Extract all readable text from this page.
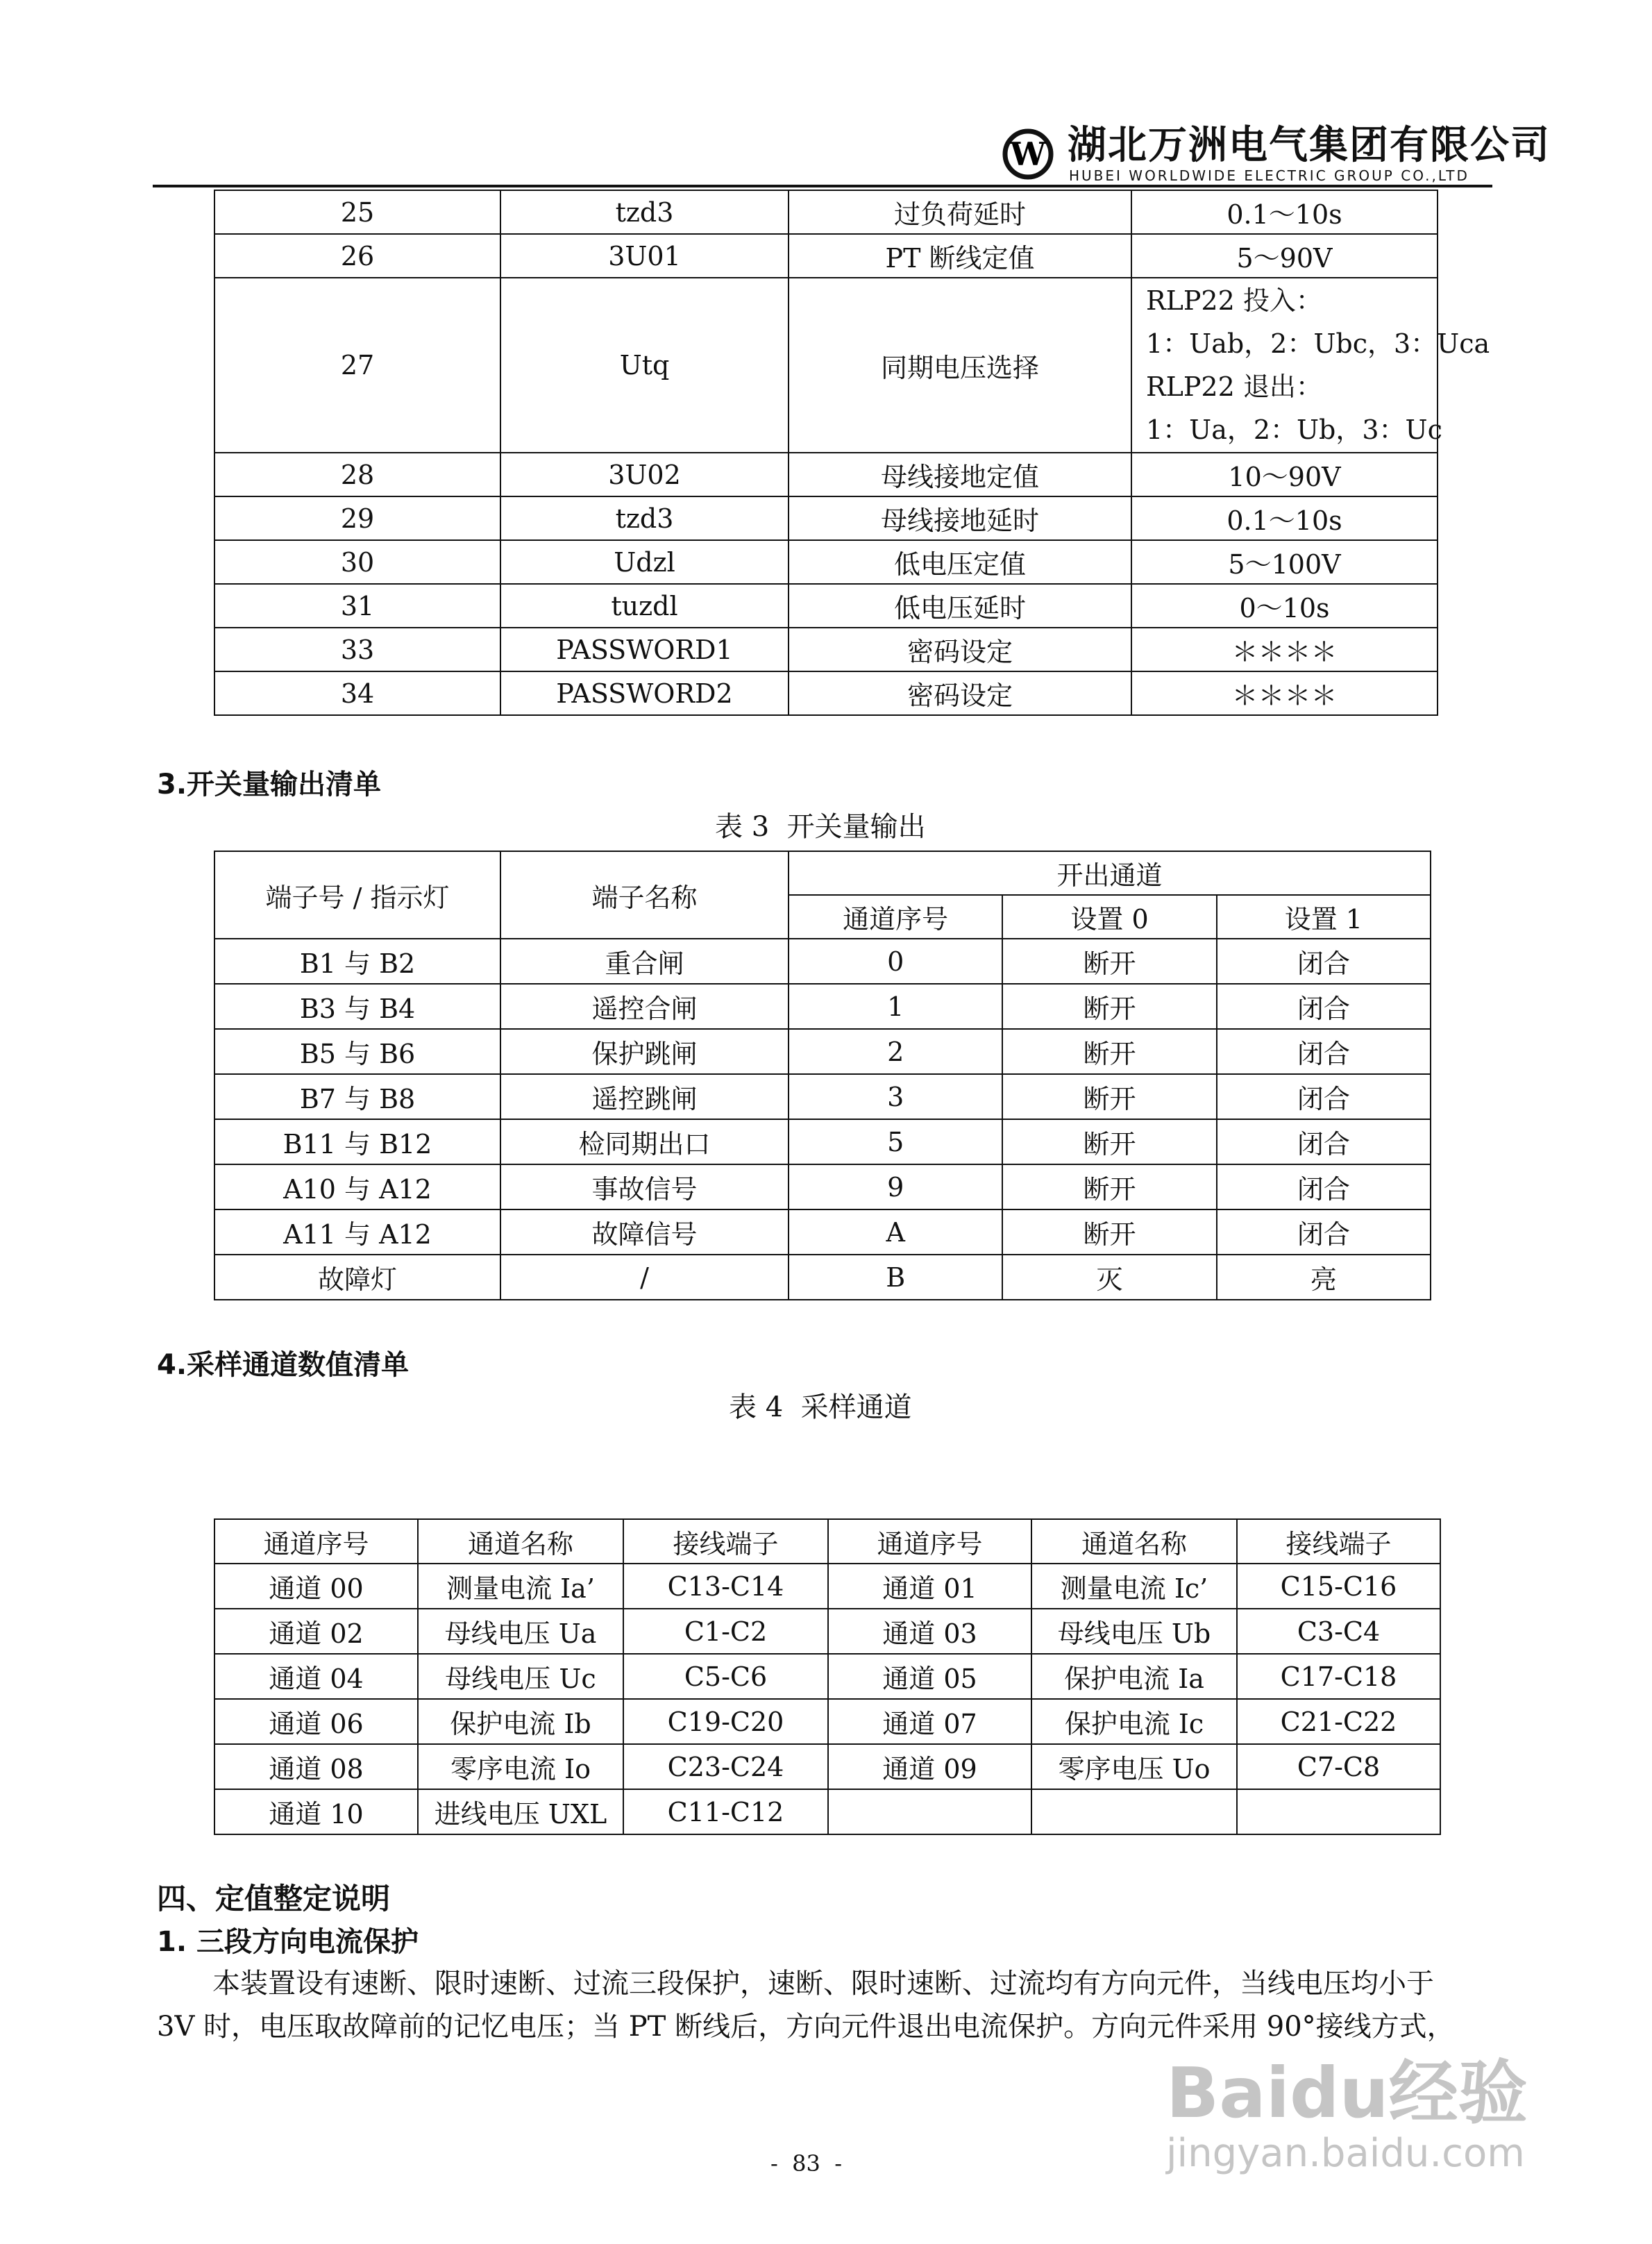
W 湖北万洲电气集团有限公司
HUBEI WORLDWIDE ELECTRIC GROUP CO.,LTD
25	tzd3	过负荷延时	0.1～10s
26	3U01	PT 断线定值	5～90V
27	Utq	同期电压选择	RLP22 投入：
1：Uab，2：Ubc，3：Uca
RLP22 退出：
1：Ua，2：Ub，3：Uc

28	3U02	母线接地定值	10～90V
29	tzd3	母线接地延时	0.1～10s
30	Udzl	低电压定值	5～100V
31	tuzdl	低电压延时	0～10s
33	PASSWORD1	密码设定	＊＊＊＊
34	PASSWORD2	密码设定	＊＊＊＊
3.开关量输出清单
表 3  开关量输出
端子号 / 指示灯	端子名称	开出通道		
		通道序号	设置 0	设置 1
B1 与 B2	重合闸	0	断开	闭合
B3 与 B4	遥控合闸	1	断开	闭合
B5 与 B6	保护跳闸	2	断开	闭合
B7 与 B8	遥控跳闸	3	断开	闭合
B11 与 B12	检同期出口	5	断开	闭合
A10 与 A12	事故信号	9	断开	闭合
A11 与 A12	故障信号	A	断开	闭合
故障灯	/	B	灭	亮
4.采样通道数值清单
表 4  采样通道
通道序号	通道名称	接线端子	通道序号	通道名称	接线端子
通道 00	测量电流 Ia’	C13-C14	通道 01	测量电流 Ic’	C15-C16
通道 02	母线电压 Ua	C1-C2	通道 03	母线电压 Ub	C3-C4
通道 04	母线电压 Uc	C5-C6	通道 05	保护电流 Ia	C17-C18
通道 06	保护电流 Ib	C19-C20	通道 07	保护电流 Ic	C21-C22
通道 08	零序电流 Io	C23-C24	通道 09	零序电压 Uo	C7-C8
通道 10	进线电压 UXL	C11-C12			
四、定值整定说明
1. 三段方向电流保护
本装置设有速断、限时速断、过流三段保护，速断、限时速断、过流均有方向元件，当线电压均小于
3V 时，电压取故障前的记忆电压；当 PT 断线后，方向元件退出电流保护。方向元件采用 90°接线方式，
Baidu经验
jingyan.baidu.com
-  83  -
